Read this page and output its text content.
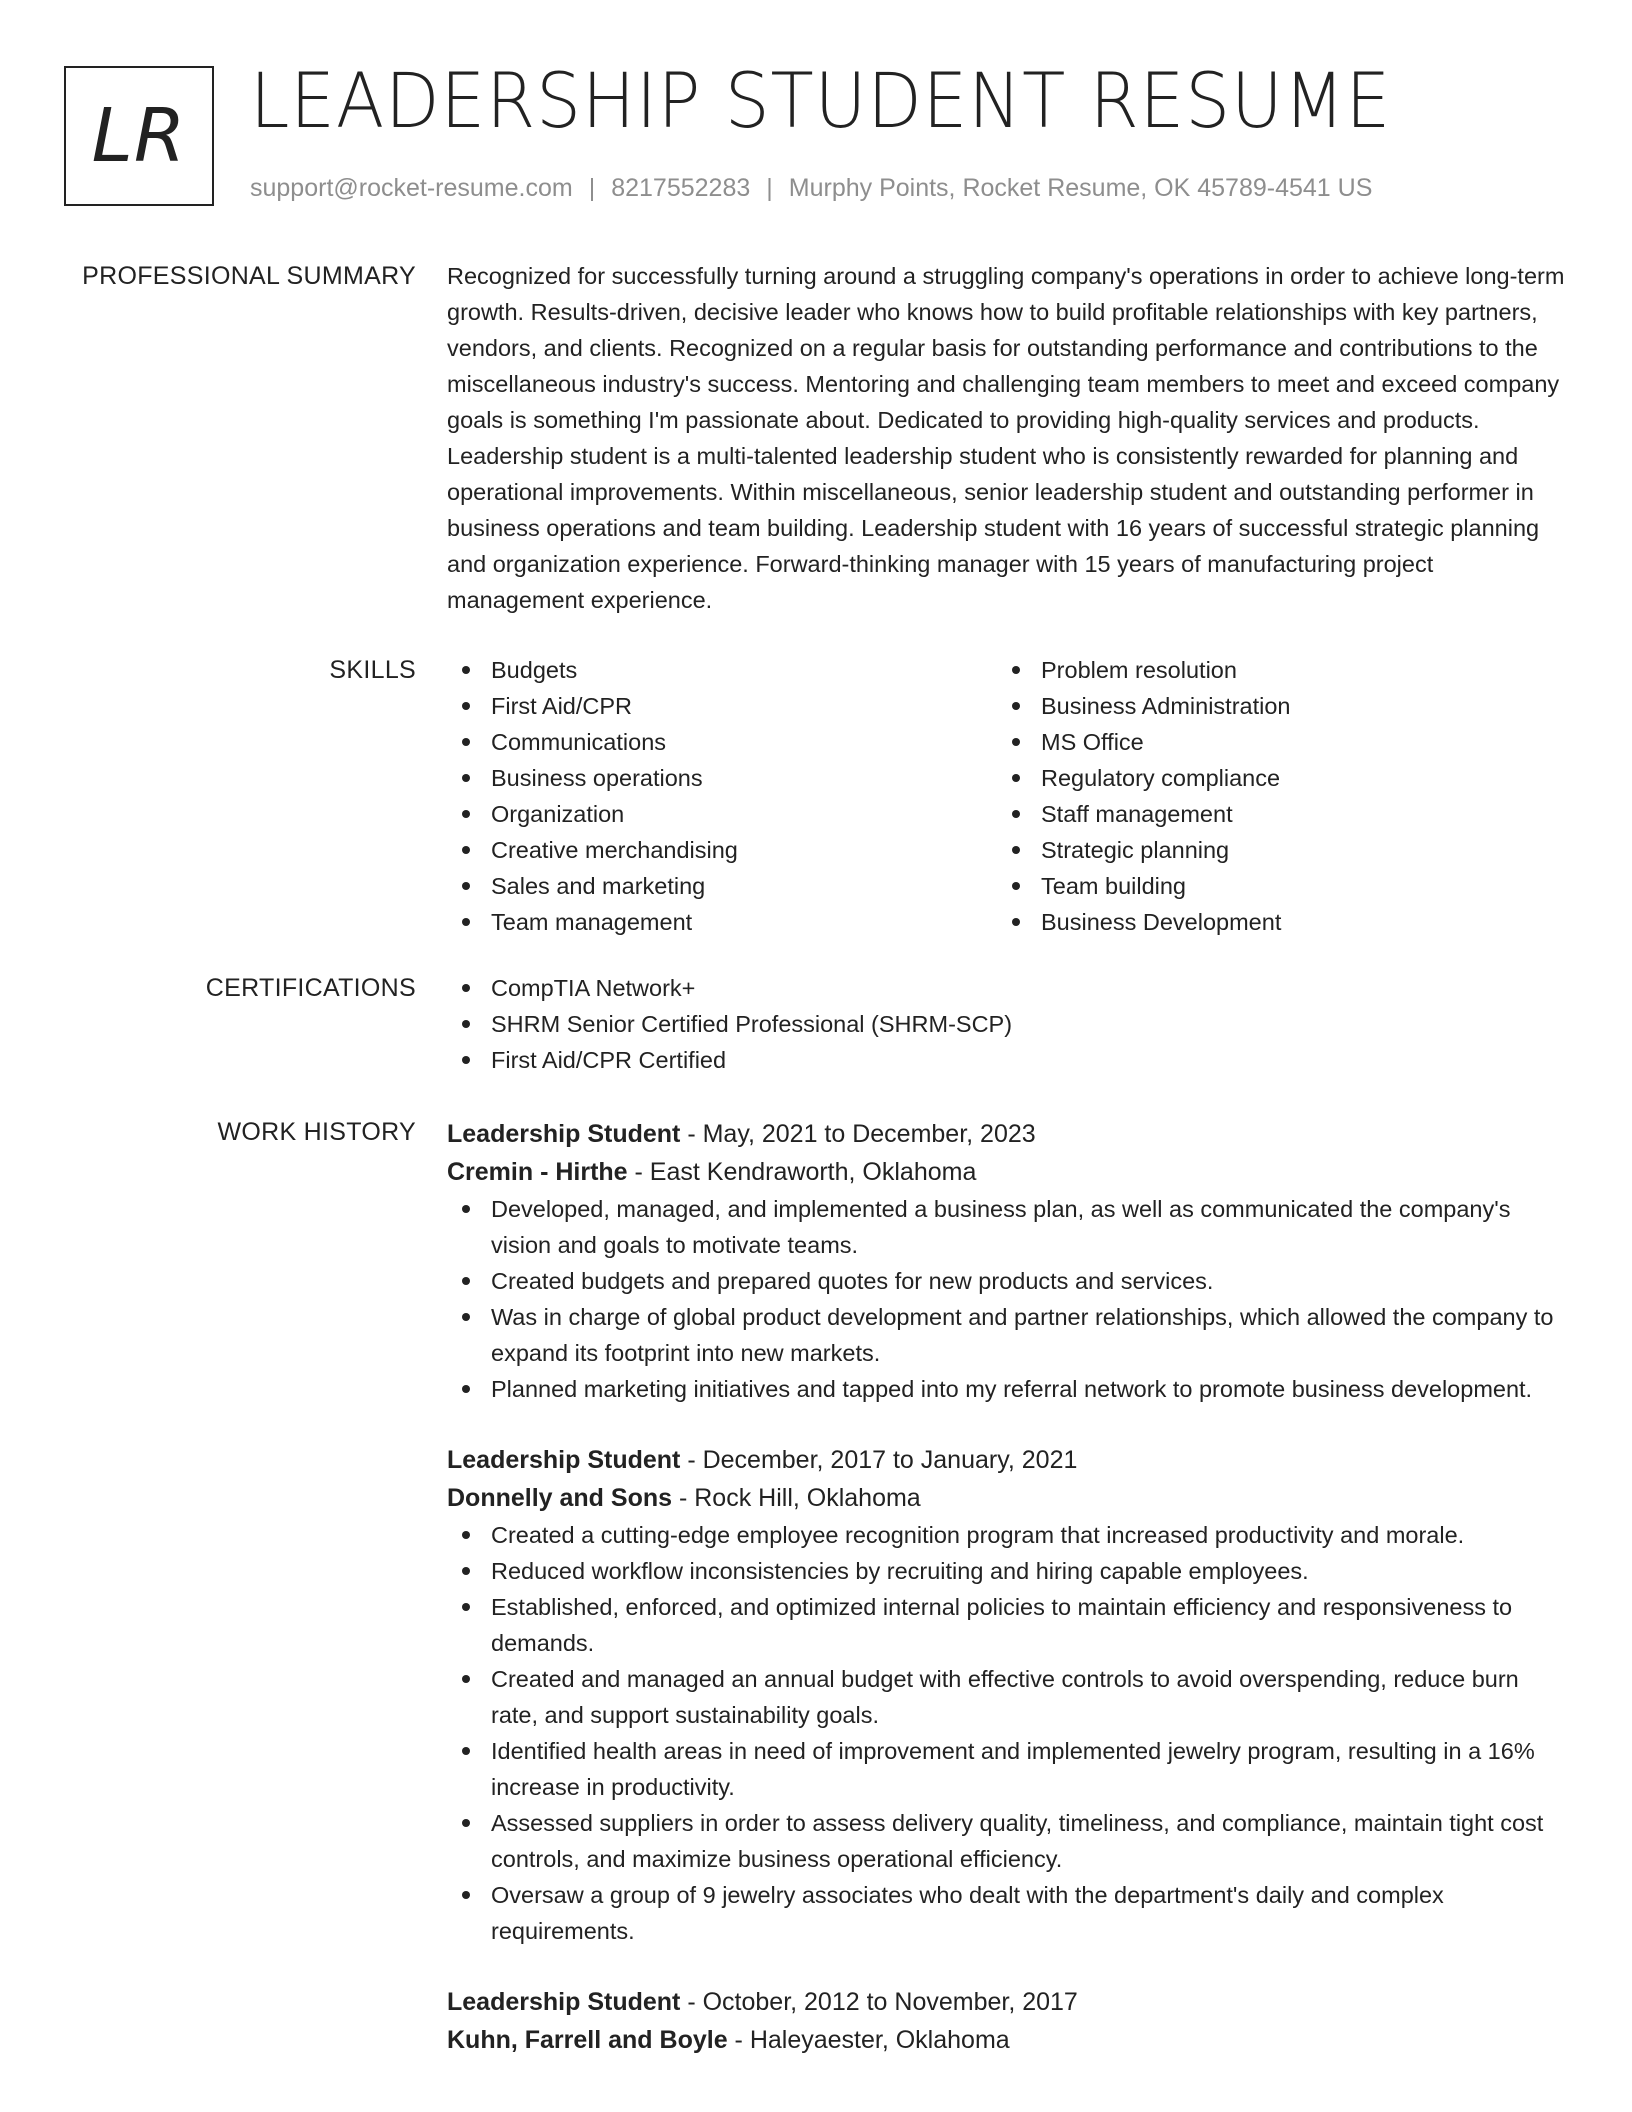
LR LEADERSHIP STUDENT RESUME
support@rocket-resume.com | 8217552283 | Murphy Points, Rocket Resume, OK 45789-4541 US
PROFESSIONAL SUMMARY Recognized for successfully turning around a struggling company's operations in order to achieve long-term growth. Results-driven, decisive leader who knows how to build profitable relationships with key partners, vendors, and clients. Recognized on a regular basis for outstanding performance and contributions to the miscellaneous industry's success. Mentoring and challenging team members to meet and exceed company goals is something I'm passionate about. Dedicated to providing high-quality services and products. Leadership student is a multi-talented leadership student who is consistently rewarded for planning and operational improvements. Within miscellaneous, senior leadership student and outstanding performer in business operations and team building. Leadership student with 16 years of successful strategic planning and organization experience. Forward-thinking manager with 15 years of manufacturing project management experience.

SKILLS	Budgets
First Aid/CPR
Communications
Business operations
Organization
Creative merchandising
Sales and marketing
Team management
Problem resolution
Business Administration
MS Office
Regulatory compliance
Staff management
Strategic planning
Team building
Business Development
CERTIFICATIONS	CompTIA Network+
SHRM Senior Certified Professional (SHRM-SCP)
First Aid/CPR Certified
WORK HISTORY Leadership Student - May, 2021 to December, 2023
Cremin - Hirthe - East Kendraworth, Oklahoma
Developed, managed, and implemented a business plan, as well as communicated the company's vision and goals to motivate teams.
Created budgets and prepared quotes for new products and services.
Was in charge of global product development and partner relationships, which allowed the company to expand its footprint into new markets.
Planned marketing initiatives and tapped into my referral network to promote business development.
Leadership Student - December, 2017 to January, 2021
Donnelly and Sons - Rock Hill, Oklahoma
Created a cutting-edge employee recognition program that increased productivity and morale.
Reduced workflow inconsistencies by recruiting and hiring capable employees.
Established, enforced, and optimized internal policies to maintain efficiency and responsiveness to demands.
Created and managed an annual budget with effective controls to avoid overspending, reduce burn rate, and support sustainability goals.
Identified health areas in need of improvement and implemented jewelry program, resulting in a 16% increase in productivity.
Assessed suppliers in order to assess delivery quality, timeliness, and compliance, maintain tight cost controls, and maximize business operational efficiency.
Oversaw a group of 9 jewelry associates who dealt with the department's daily and complex requirements.
Leadership Student - October, 2012 to November, 2017
Kuhn, Farrell and Boyle - Haleyaester, Oklahoma
